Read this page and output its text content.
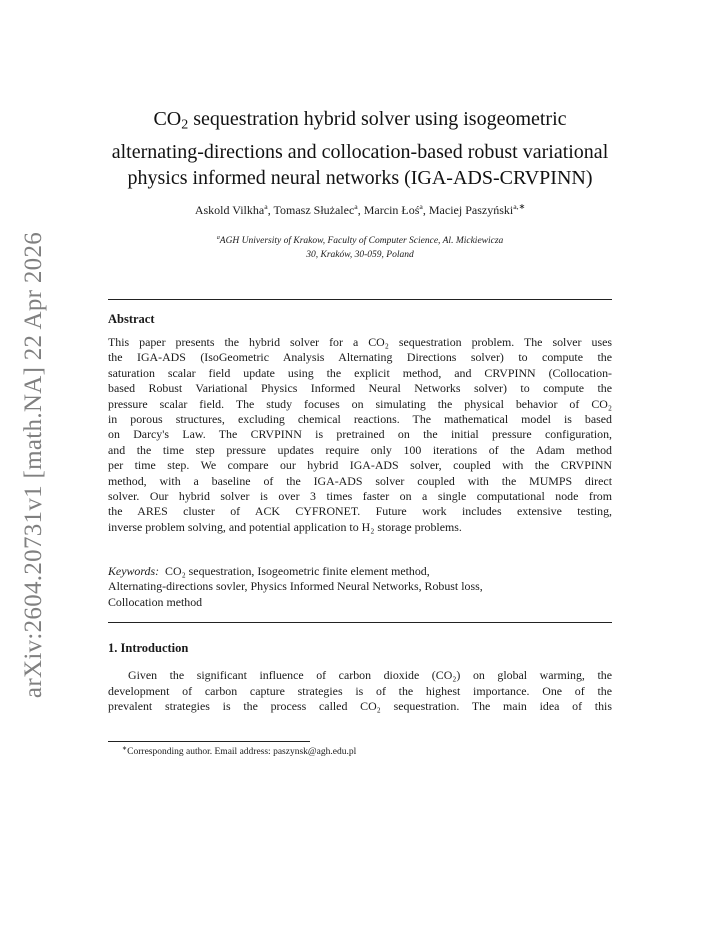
arXiv:2604.20731v1 [math.NA] 22 Apr 2026
$CO_2$ sequestration hybrid solver using isogeometric
alternating-directions and collocation-based robust variational
physics informed neural networks (IGA-ADS-CRVPINN)
Askold Vilkha$^a$, Tomasz Służalec$^a$, Marcin Łoś$^a$, Maciej Paszyński$^{a,∗}$
$^a$AGH University of Krakow, Faculty of Computer Science, Al. Mickiewicza
30, Kraków, 30-059, Poland
Abstract
This paper presents the hybrid solver for a CO₂ sequestration problem. The solver uses
the IGA-ADS (IsoGeometric Analysis Alternating Directions solver) to compute the
saturation scalar field update using the explicit method, and CRVPINN (Collocation-
based Robust Variational Physics Informed Neural Networks solver) to compute the
pressure scalar field. The study focuses on simulating the physical behavior of CO₂
in porous structures, excluding chemical reactions. The mathematical model is based
on Darcy's Law. The CRVPINN is pretrained on the initial pressure configuration,
and the time step pressure updates require only 100 iterations of the Adam method
per time step. We compare our hybrid IGA-ADS solver, coupled with the CRVPINN
method, with a baseline of the IGA-ADS solver coupled with the MUMPS direct
solver. Our hybrid solver is over 3 times faster on a single computational node from
the ARES cluster of ACK CYFRONET. Future work includes extensive testing,
inverse problem solving, and potential application to H₂ storage problems.
Keywords: CO₂ sequestration, Isogeometric finite element method,
Alternating-directions sovler, Physics Informed Neural Networks, Robust loss,
Collocation method
1. Introduction
Given the significant influence of carbon dioxide (CO₂) on global warming, the
development of carbon capture strategies is of the highest importance. One of the
prevalent strategies is the process called CO₂ sequestration. The main idea of this
∗Corresponding author. Email address: paszynsk@agh.edu.pl
